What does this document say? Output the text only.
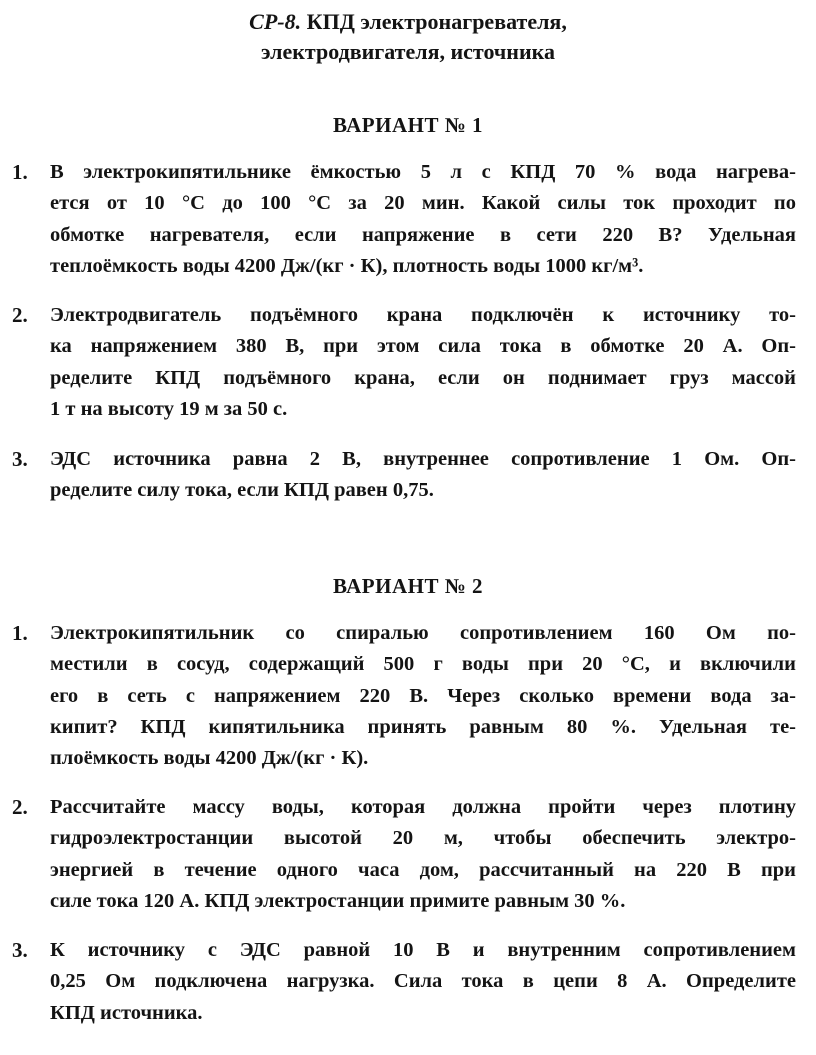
СР-8. КПД электронагревателя,
электродвигателя, источника
ВАРИАНТ № 1
1. В электрокипятильнике ёмкостью 5 л с КПД 70 % вода нагрева-
ется от 10 °С до 100 °С за 20 мин. Какой силы ток проходит по
обмотке нагревателя, если напряжение в сети 220 В? Удельная
теплоёмкость воды 4200 Дж/(кг · К), плотность воды 1000 кг/м³.
2. Электродвигатель подъёмного крана подключён к источнику то-
ка напряжением 380 В, при этом сила тока в обмотке 20 А. Оп-
ределите КПД подъёмного крана, если он поднимает груз массой
1 т на высоту 19 м за 50 с.
3. ЭДС источника равна 2 В, внутреннее сопротивление 1 Ом. Оп-
ределите силу тока, если КПД равен 0,75.
ВАРИАНТ № 2
1. Электрокипятильник со спиралью сопротивлением 160 Ом по-
местили в сосуд, содержащий 500 г воды при 20 °С, и включили
его в сеть с напряжением 220 В. Через сколько времени вода за-
кипит? КПД кипятильника принять равным 80 %. Удельная те-
плоёмкость воды 4200 Дж/(кг · К).
2. Рассчитайте массу воды, которая должна пройти через плотину
гидроэлектростанции высотой 20 м, чтобы обеспечить электро-
энергией в течение одного часа дом, рассчитанный на 220 В при
силе тока 120 А. КПД электростанции примите равным 30 %.
3. К источнику с ЭДС равной 10 В и внутренним сопротивлением
0,25 Ом подключена нагрузка. Сила тока в цепи 8 А. Определите
КПД источника.
